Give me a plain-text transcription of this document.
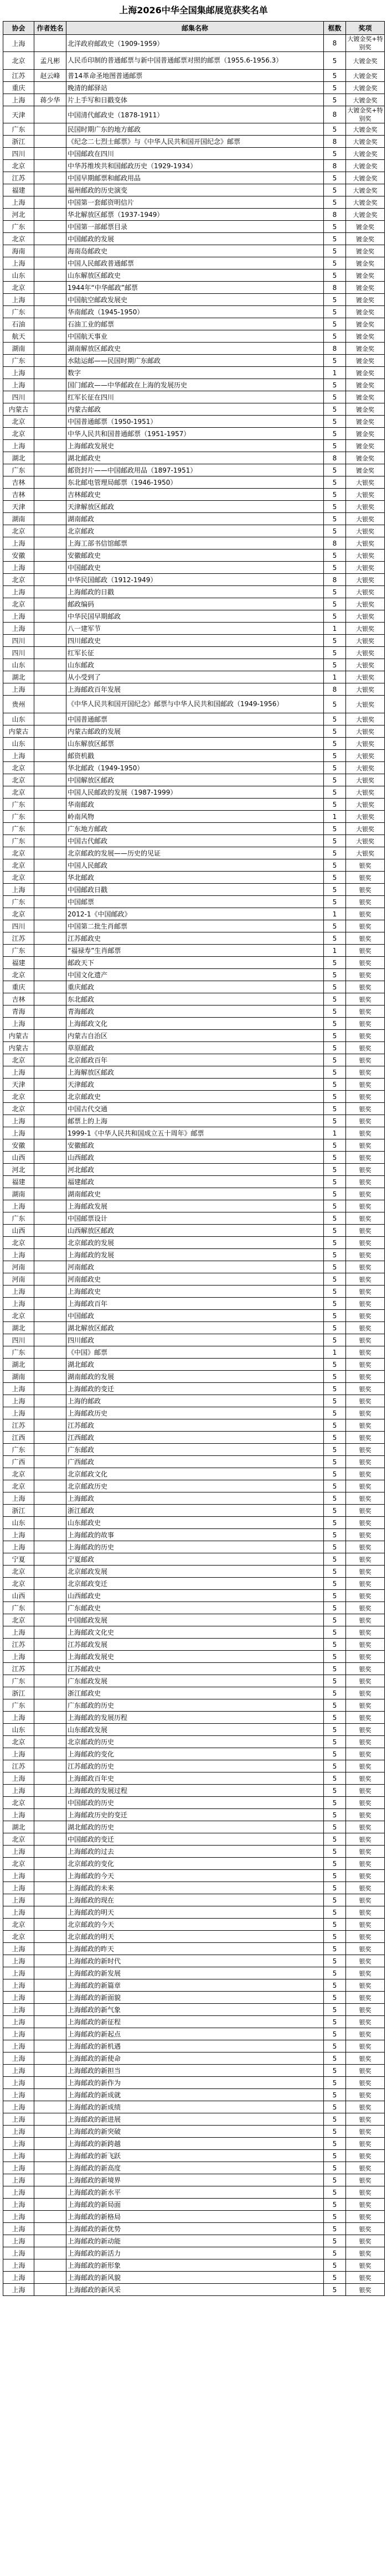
上海2026中华全国集邮展览获奖名单
协会	作者姓名	邮集名称	框数	奖项
上海		北洋政府邮政史（1909-1959）	8	大镀金奖+特别奖
北京	孟凡彬	人民币印制的普通邮票与新中国普通邮票对照的邮票（1955.6-1956.3）	5	大镀金奖
江苏	赵云峰	普14革命圣地图普通邮票	5	大镀金奖
重庆		晚清的邮驿站	5	大镀金奖
上海	蒋少华	片上手写和日戳变体	5	大镀金奖
天津		中国清代邮政史（1878-1911）	8	大镀金奖+特别奖
广东		民国时期广东的地方邮政	5	大镀金奖
浙江		《纪念二七烈士邮票》与《中华人民共和国开国纪念》邮票	8	大镀金奖
四川		中国邮政在四川	5	大镀金奖
北京		中华苏维埃共和国邮政历史（1929-1934）	8	大镀金奖
江苏		中国早期邮票和邮政用品	5	大镀金奖
福建		福州邮政的历史演变	5	大镀金奖
上海		中国第一套邮资明信片	5	大镀金奖
河北		华北解放区邮票（1937-1949）	8	大镀金奖
广东		中国第一部邮票目录	5	镀金奖
北京		中国邮政的发展	5	镀金奖
海南		海南岛邮政史	5	镀金奖
上海		中国人民邮政普通邮票	5	镀金奖
山东		山东解放区邮政史	5	镀金奖
北京		1944年“中华邮政”邮票	8	镀金奖
上海		中国航空邮政发展史	5	镀金奖
广东		华南邮政（1945-1950）	5	镀金奖
石油		石油工业的邮票	5	镀金奖
航天		中国航天事业	5	镀金奖
湖南		湖南解放区邮政史	8	镀金奖
广东		水陆运邮——民国时期广东邮政	5	镀金奖
上海		数字	1	镀金奖
上海		国门邮政——中华邮政在上海的发展历史	5	镀金奖
四川		红军长征在四川	5	镀金奖
内蒙古		内蒙古邮政	5	镀金奖
北京		中国普通邮票（1950-1951）	5	镀金奖
北京		中华人民共和国普通邮票（1951-1957）	5	镀金奖
上海		上海邮政发展史	5	镀金奖
湖北		湖北邮政史	8	镀金奖
广东		邮资封片——中国邮政用品（1897-1951）	5	镀金奖
吉林		东北邮电管理局邮票（1946-1950）	5	大银奖
吉林		吉林邮政史	5	大银奖
天津		天津解放区邮政	5	大银奖
湖南		湖南邮政	5	大银奖
北京		北京邮政	5	大银奖
上海		上海工部书信馆邮票	8	大银奖
安徽		安徽邮政史	5	大银奖
上海		中国邮政史	5	大银奖
北京		中华民国邮政（1912-1949）	8	大银奖
上海		上海邮政的日戳	5	大银奖
北京		邮政编码	5	大银奖
上海		中华民国早期邮政	5	大银奖
上海		八一建军节	1	大银奖
四川		四川邮政史	5	大银奖
四川		红军长征	5	大银奖
山东		山东邮政	5	大银奖
湖北		从小受到了	1	大银奖
上海		上海邮政百年发展	8	大银奖
贵州		《中华人民共和国开国纪念》邮票与中华人民共和国邮政（1949-1956）	5	大银奖
山东		中国普通邮票	5	大银奖
内蒙古		内蒙古邮政的发展	5	大银奖
山东		山东解放区邮票	5	大银奖
上海		邮资机戳	5	大银奖
北京		华北邮政（1949-1950）	5	大银奖
北京		中国解放区邮政	5	大银奖
北京		中国人民邮政的发展（1987-1999）	5	大银奖
广东		华南邮政	5	大银奖
广东		岭南风物	1	大银奖
广东		广东地方邮政	5	大银奖
广东		中国古代邮政	5	大银奖
北京		北京邮政的发展——历史的见证	5	大银奖
北京		中国人民邮政	5	银奖
北京		华北邮政	5	银奖
上海		中国邮政日戳	5	银奖
广东		中国邮票	5	银奖
北京		2012-1《中国邮政》	1	银奖
四川		中国第二批生肖邮票	5	银奖
江苏		江苏邮政史	5	银奖
广东		“福禄寿”生肖邮票	1	银奖
福建		邮政天下	5	银奖
北京		中国文化遗产	5	银奖
重庆		重庆邮政	5	银奖
吉林		东北邮政	5	银奖
青海		青海邮政	5	银奖
上海		上海邮政文化	5	银奖
内蒙古		内蒙古自治区	5	银奖
内蒙古		草原邮政	5	银奖
北京		北京邮政百年	5	银奖
上海		上海解放区邮政	5	银奖
天津		天津邮政	5	银奖
北京		北京邮政史	5	银奖
北京		中国古代交通	5	银奖
上海		邮票上的上海	5	银奖
上海		1999-1《中华人民共和国成立五十周年》邮票	1	银奖
安徽		安徽邮政	5	银奖
山西		山西邮政	5	银奖
河北		河北邮政	5	银奖
福建		福建邮政	5	银奖
湖南		湖南邮政史	5	银奖
上海		上海邮政发展	5	银奖
广东		中国邮票设计	5	银奖
山西		山西解放区邮政	5	银奖
北京		北京邮政的发展	5	银奖
上海		上海邮政的发展	5	银奖
河南		河南邮政	5	银奖
河南		河南邮政史	5	银奖
上海		上海邮政史	5	银奖
上海		上海邮政百年	5	银奖
北京		中国邮政	5	银奖
湖北		湖北解放区邮政	5	银奖
四川		四川邮政	5	银奖
广东		《中国》邮票	1	银奖
湖北		湖北邮政	5	银奖
湖南		湖南邮政的发展	5	银奖
上海		上海邮政的变迁	5	银奖
上海		上海的邮政	5	银奖
上海		上海邮政历史	5	银奖
江苏		江苏邮政	5	银奖
江西		江西邮政	5	银奖
广东		广东邮政	5	银奖
广西		广西邮政	5	银奖
北京		北京邮政文化	5	银奖
北京		北京邮政历史	5	银奖
上海		上海邮政	5	银奖
浙江		浙江邮政	5	银奖
山东		山东邮政史	5	银奖
上海		上海邮政的故事	5	银奖
上海		上海邮政的历史	5	银奖
宁夏		宁夏邮政	5	银奖
北京		北京邮政发展	5	银奖
北京		北京邮政变迁	5	银奖
山西		山西邮政史	5	银奖
广东		广东邮政史	5	银奖
北京		中国邮政发展	5	银奖
上海		上海邮政文化史	5	银奖
江苏		江苏邮政发展	5	银奖
上海		上海邮政发展史	5	银奖
江苏		江苏邮政史	5	银奖
广东		广东邮政发展	5	银奖
浙江		浙江邮政史	5	银奖
广东		广东邮政的历史	5	银奖
上海		上海邮政的发展历程	5	银奖
山东		山东邮政发展	5	银奖
北京		北京邮政的历史	5	银奖
上海		上海邮政的变化	5	银奖
江苏		江苏邮政的历史	5	银奖
上海		上海邮政百年史	5	银奖
上海		上海邮政的发展过程	5	银奖
北京		中国邮政的历史	5	银奖
上海		上海邮政历史的变迁	5	银奖
湖北		湖北邮政的历史	5	银奖
北京		中国邮政的变迁	5	银奖
上海		上海邮政的过去	5	银奖
北京		北京邮政的变化	5	银奖
上海		上海邮政的今天	5	银奖
上海		上海邮政的未来	5	银奖
上海		上海邮政的现在	5	银奖
上海		上海邮政的明天	5	银奖
北京		北京邮政的今天	5	银奖
北京		北京邮政的明天	5	银奖
上海		上海邮政的昨天	5	银奖
上海		上海邮政的新时代	5	银奖
上海		上海邮政的新发展	5	银奖
上海		上海邮政的新篇章	5	银奖
上海		上海邮政的新面貌	5	银奖
上海		上海邮政的新气象	5	银奖
上海		上海邮政的新征程	5	银奖
上海		上海邮政的新起点	5	银奖
上海		上海邮政的新机遇	5	银奖
上海		上海邮政的新使命	5	银奖
上海		上海邮政的新担当	5	银奖
上海		上海邮政的新作为	5	银奖
上海		上海邮政的新成就	5	银奖
上海		上海邮政的新成绩	5	银奖
上海		上海邮政的新进展	5	银奖
上海		上海邮政的新突破	5	银奖
上海		上海邮政的新跨越	5	银奖
上海		上海邮政的新飞跃	5	银奖
上海		上海邮政的新高度	5	银奖
上海		上海邮政的新境界	5	银奖
上海		上海邮政的新水平	5	银奖
上海		上海邮政的新局面	5	银奖
上海		上海邮政的新格局	5	银奖
上海		上海邮政的新优势	5	银奖
上海		上海邮政的新动能	5	银奖
上海		上海邮政的新活力	5	银奖
上海		上海邮政的新形象	5	银奖
上海		上海邮政的新风貌	5	银奖
上海		上海邮政的新风采	5	银奖
